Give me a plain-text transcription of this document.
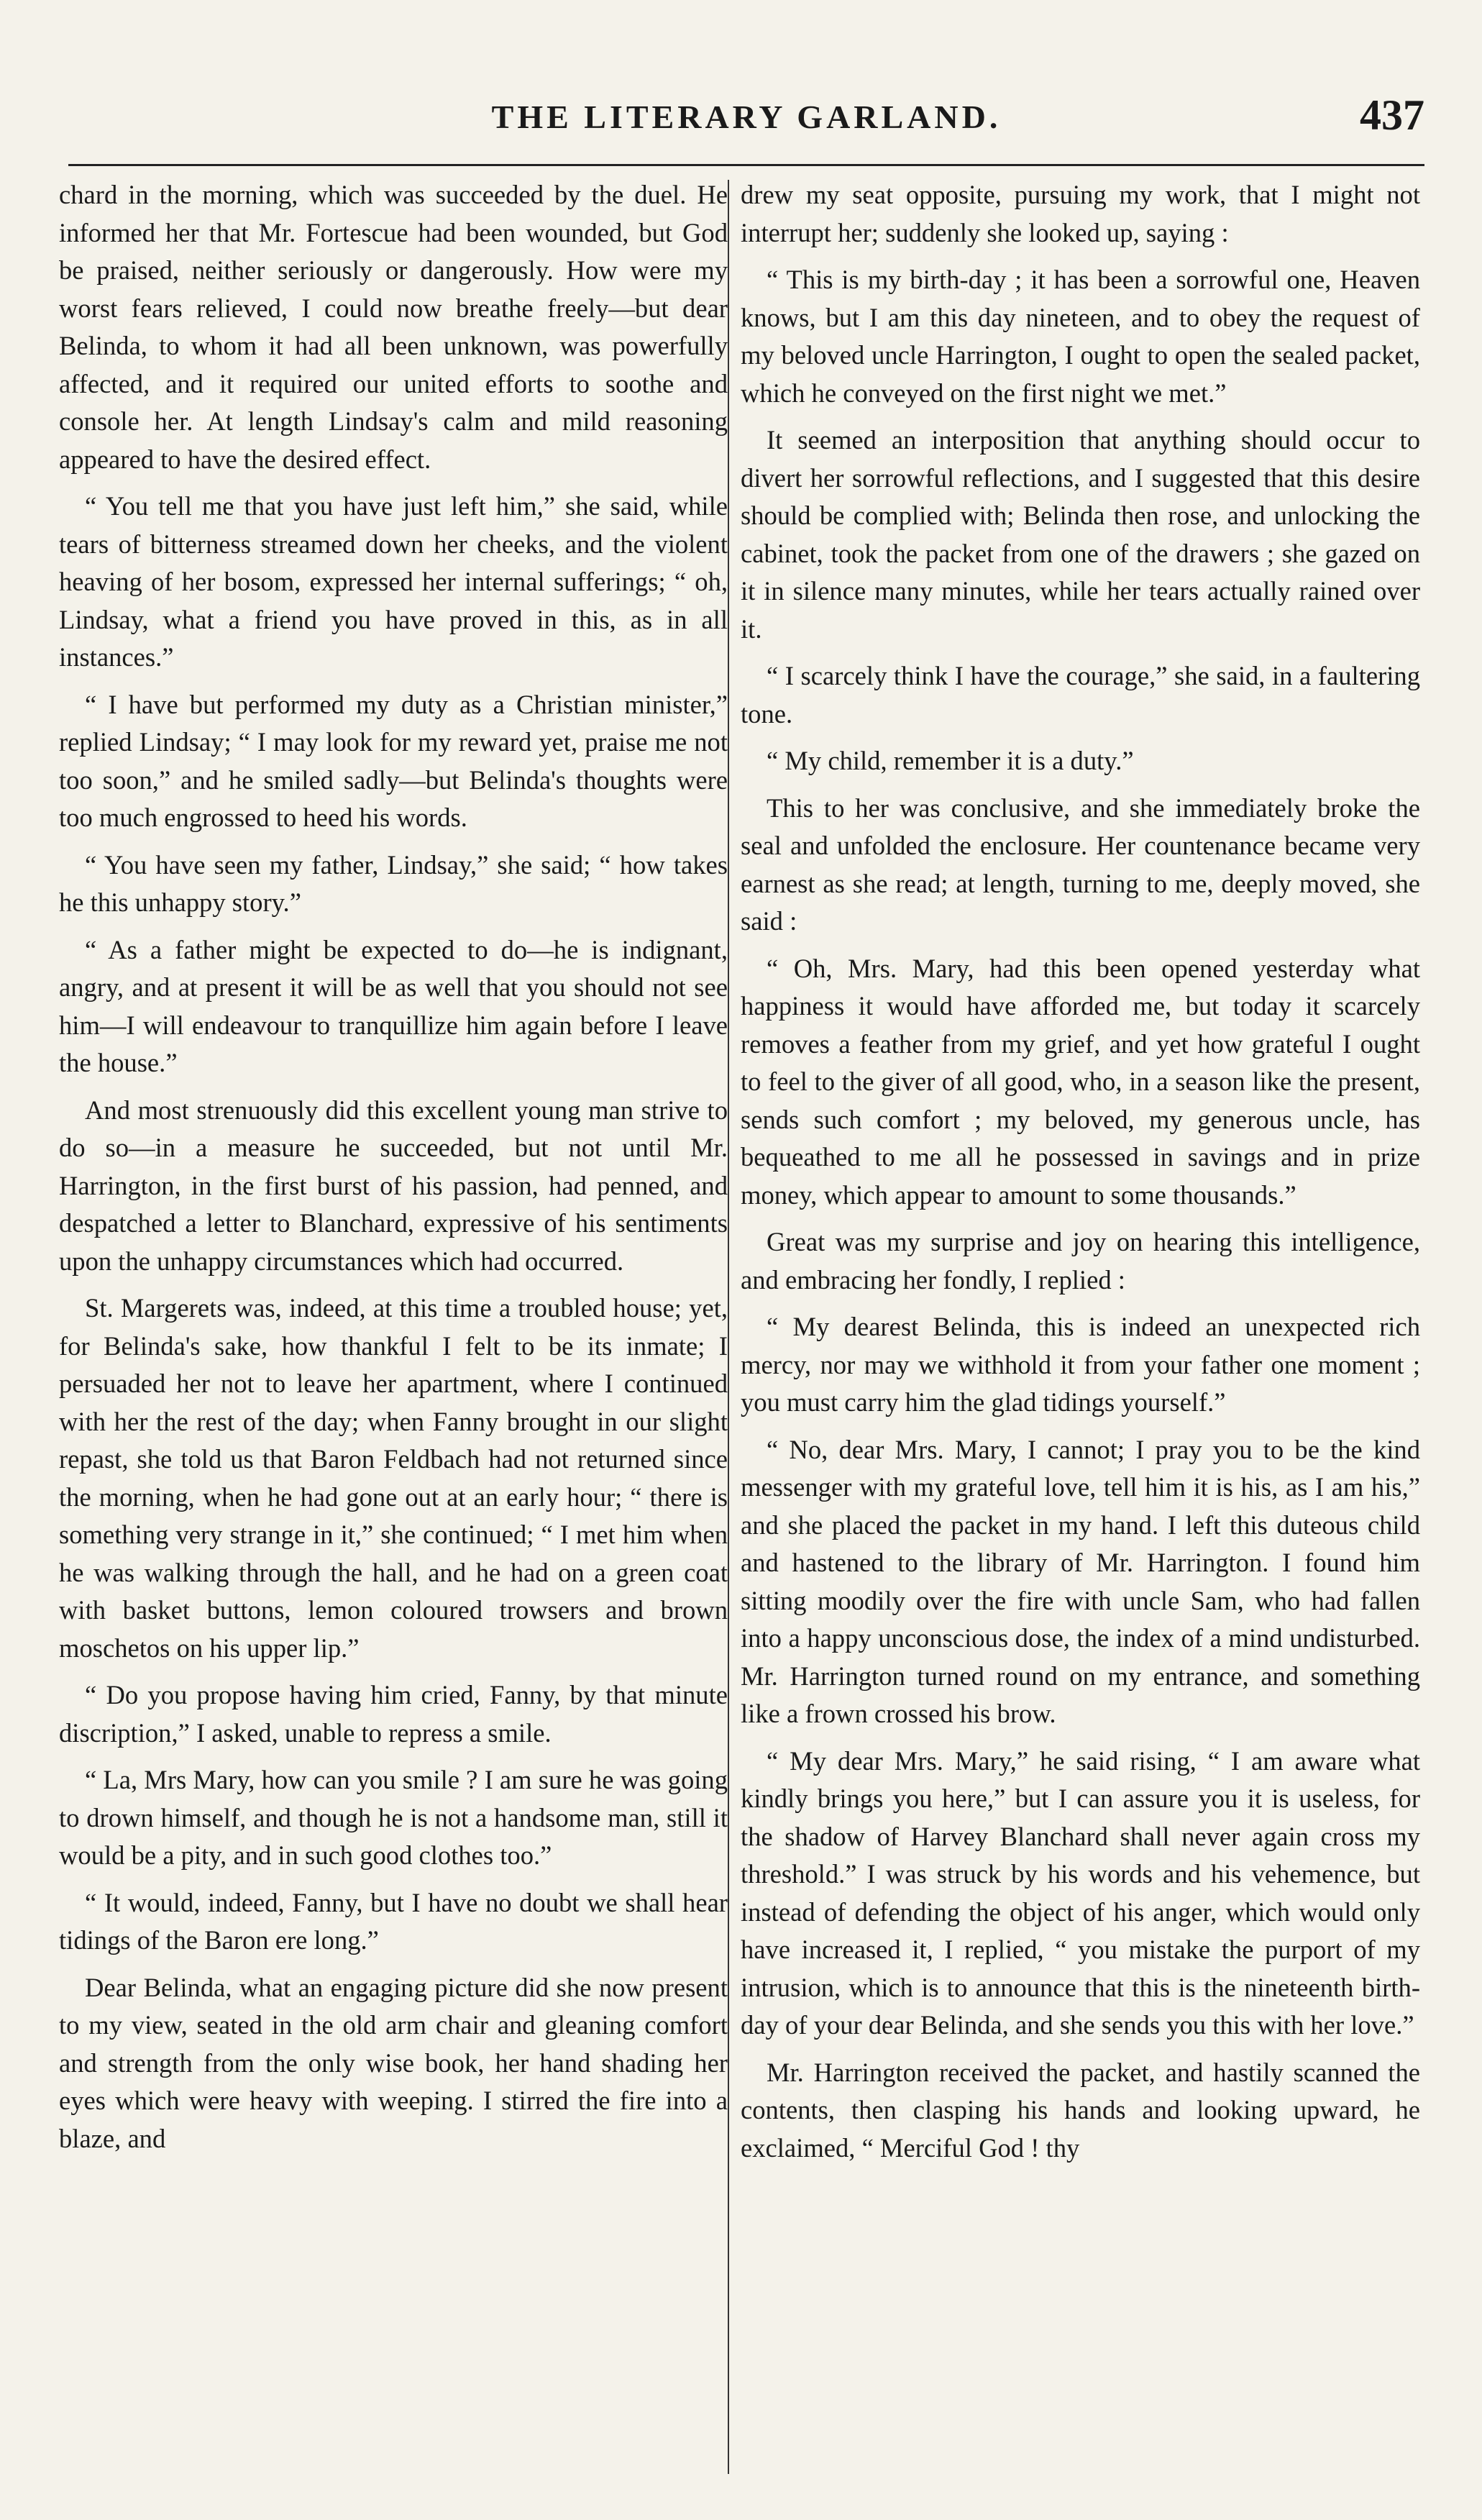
THE LITERARY GARLAND.	437

chard in the morning, which was succeeded by the duel. He informed her that Mr. Fortescue had been wounded, but God be praised, neither seriously or dangerously. How were my worst fears relieved, I could now breathe freely—but dear Belinda, to whom it had all been unknown, was powerfully affected, and it required our united efforts to soothe and console her. At length Lindsay's calm and mild reasoning appeared to have the desired effect.

“ You tell me that you have just left him,” she said, while tears of bitterness streamed down her cheeks, and the violent heaving of her bosom, expressed her internal sufferings; “ oh, Lindsay, what a friend you have proved in this, as in all instances.”

“ I have but performed my duty as a Christian minister,” replied Lindsay; “ I may look for my reward yet, praise me not too soon,” and he smiled sadly—but Belinda's thoughts were too much engrossed to heed his words.

“ You have seen my father, Lindsay,” she said; “ how takes he this unhappy story.”

“ As a father might be expected to do—he is indignant, angry, and at present it will be as well that you should not see him—I will endeavour to tranquillize him again before I leave the house.”

And most strenuously did this excellent young man strive to do so—in a measure he succeeded, but not until Mr. Harrington, in the first burst of his passion, had penned, and despatched a letter to Blanchard, expressive of his sentiments upon the unhappy circumstances which had occurred.

St. Margerets was, indeed, at this time a troubled house; yet, for Belinda's sake, how thankful I felt to be its inmate; I persuaded her not to leave her apartment, where I continued with her the rest of the day; when Fanny brought in our slight repast, she told us that Baron Feldbach had not returned since the morning, when he had gone out at an early hour; “ there is something very strange in it,” she continued; “ I met him when he was walking through the hall, and he had on a green coat with basket buttons, lemon coloured trowsers and brown moschetos on his upper lip.”

“ Do you propose having him cried, Fanny, by that minute discription,” I asked, unable to repress a smile.

“ La, Mrs Mary, how can you smile ? I am sure he was going to drown himself, and though he is not a handsome man, still it would be a pity, and in such good clothes too.”

“ It would, indeed, Fanny, but I have no doubt we shall hear tidings of the Baron ere long.”

Dear Belinda, what an engaging picture did she now present to my view, seated in the old arm chair and gleaning comfort and strength from the only wise book, her hand shading her eyes which were heavy with weeping. I stirred the fire into a blaze, and

drew my seat opposite, pursuing my work, that I might not interrupt her; suddenly she looked up, saying :

“ This is my birth-day ; it has been a sorrowful one, Heaven knows, but I am this day nineteen, and to obey the request of my beloved uncle Harrington, I ought to open the sealed packet, which he conveyed on the first night we met.”

It seemed an interposition that anything should occur to divert her sorrowful reflections, and I suggested that this desire should be complied with; Belinda then rose, and unlocking the cabinet, took the packet from one of the drawers ; she gazed on it in silence many minutes, while her tears actually rained over it.

“ I scarcely think I have the courage,” she said, in a faultering tone.

“ My child, remember it is a duty.”

This to her was conclusive, and she immediately broke the seal and unfolded the enclosure. Her countenance became very earnest as she read; at length, turning to me, deeply moved, she said :

“ Oh, Mrs. Mary, had this been opened yesterday what happiness it would have afforded me, but today it scarcely removes a feather from my grief, and yet how grateful I ought to feel to the giver of all good, who, in a season like the present, sends such comfort ; my beloved, my generous uncle, has bequeathed to me all he possessed in savings and in prize money, which appear to amount to some thousands.”

Great was my surprise and joy on hearing this intelligence, and embracing her fondly, I replied :

“ My dearest Belinda, this is indeed an unexpected rich mercy, nor may we withhold it from your father one moment ; you must carry him the glad tidings yourself.”

“ No, dear Mrs. Mary, I cannot; I pray you to be the kind messenger with my grateful love, tell him it is his, as I am his,” and she placed the packet in my hand. I left this duteous child and hastened to the library of Mr. Harrington. I found him sitting moodily over the fire with uncle Sam, who had fallen into a happy unconscious dose, the index of a mind undisturbed. Mr. Harrington turned round on my entrance, and something like a frown crossed his brow.

“ My dear Mrs. Mary,” he said rising, “ I am aware what kindly brings you here,” but I can assure you it is useless, for the shadow of Harvey Blanchard shall never again cross my threshold.” I was struck by his words and his vehemence, but instead of defending the object of his anger, which would only have increased it, I replied, “ you mistake the purport of my intrusion, which is to announce that this is the nineteenth birth-day of your dear Belinda, and she sends you this with her love.”

Mr. Harrington received the packet, and hastily scanned the contents, then clasping his hands and looking upward, he exclaimed, “ Merciful God ! thy
